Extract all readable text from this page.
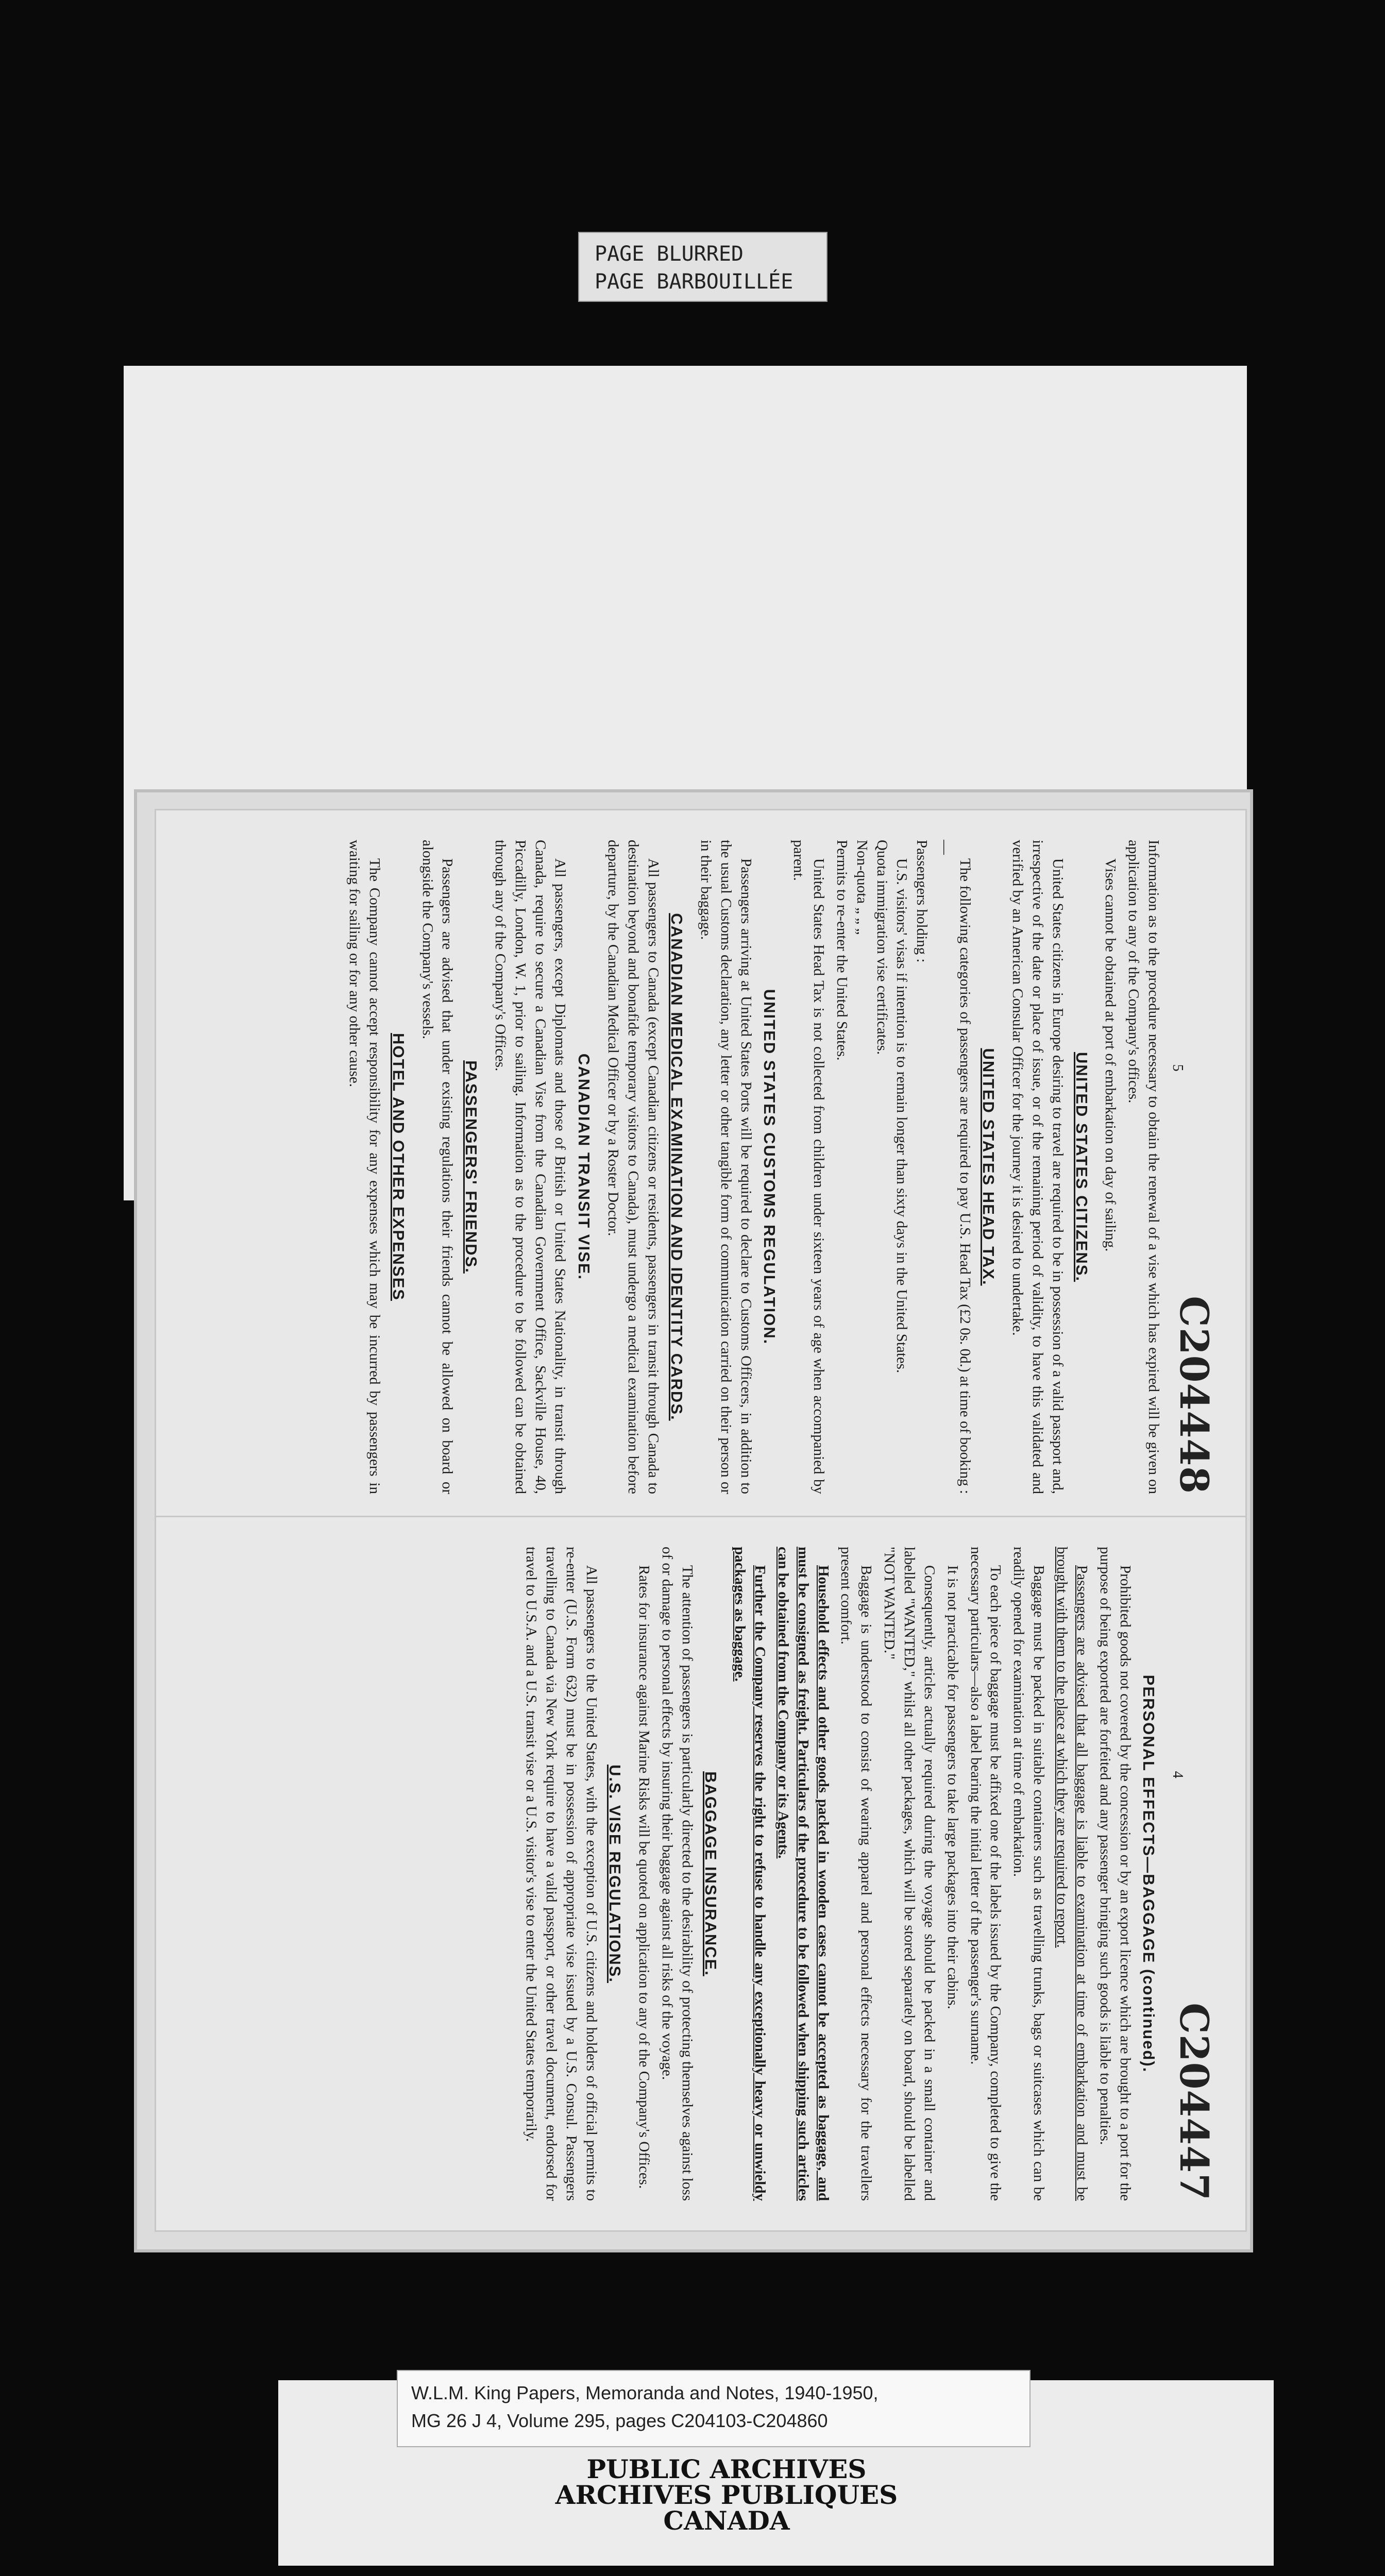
PAGE BLURRED
PAGE BARBOUILLÉE
5
C204448

Information as to the procedure necessary to obtain the renewal of a vise which has expired will be given on application to any of the Company's offices.

Vises cannot be obtained at port of embarkation on day of sailing.

UNITED STATES CITIZENS.

United States citizens in Europe desiring to travel are required to be in possession of a valid passport and, irrespective of the date or place of issue, or of the remaining period of validity, to have this validated and verified by an American Consular Officer for the journey it is desired to undertake.

UNITED STATES HEAD TAX.

The following categories of passengers are required to pay U.S. Head Tax (£2 0s. 0d.) at time of booking :—

Passengers holding :
U.S. visitors' visas if intention is to remain longer than sixty days in the United States.
Quota immigration vise certificates.
Non-quota „ „ „
Permits to re-enter the United States.

United States Head Tax is not collected from children under sixteen years of age when accompanied by parent.

UNITED STATES CUSTOMS REGULATION.

Passengers arriving at United States Ports will be required to declare to Customs Officers, in addition to the usual Customs declaration, any letter or other tangible form of communication carried on their person or in their baggage.

CANADIAN MEDICAL EXAMINATION AND IDENTITY CARDS.

All passengers to Canada (except Canadian citizens or residents, passengers in transit through Canada to destination beyond and bonafide temporary visitors to Canada), must undergo a medical examination before departure, by the Canadian Medical Officer or by a Roster Doctor.

CANADIAN TRANSIT VISE.

All passengers, except Diplomats and those of British or United States Nationality, in transit through Canada, require to secure a Canadian Vise from the Canadian Government Office, Sackville House, 40, Piccadilly, London, W. 1, prior to sailing. Information as to the procedure to be followed can be obtained through any of the Company's Offices.

PASSENGERS' FRIENDS.

Passengers are advised that under existing regulations their friends cannot be allowed on board or alongside the Company's vessels.

HOTEL AND OTHER EXPENSES

The Company cannot accept responsibility for any expenses which may be incurred by passengers in waiting for sailing or for any other cause.

4
C204447
PERSONAL EFFECTS—BAGGAGE (continued).

Prohibited goods not covered by the concession or by an export licence which are brought to a port for the purpose of being exported are forfeited and any passenger bringing such goods is liable to penalties.

Passengers are advised that all baggage is liable to examination at time of embarkation and must be brought with them to the place at which they are required to report.

Baggage must be packed in suitable containers such as travelling trunks, bags or suitcases which can be readily opened for examination at time of embarkation.

To each piece of baggage must be affixed one of the labels issued by the Company, completed to give the necessary particulars—also a label bearing the initial letter of the passenger's surname.

It is not practicable for passengers to take large packages into their cabins.

Consequently, articles actually required during the voyage should be packed in a small container and labelled "WANTED," whilst all other packages, which will be stored separately on board, should be labelled "NOT WANTED."

Baggage is understood to consist of wearing apparel and personal effects necessary for the travellers present comfort.

Household effects and other goods packed in wooden cases cannot be accepted as baggage, and must be consigned as freight. Particulars of the procedure to be followed when shipping such articles can be obtained from the Company or its Agents.

Further the Company reserves the right to refuse to handle any exceptionally heavy or unwieldy packages as baggage.

BAGGAGE INSURANCE.

The attention of passengers is particularly directed to the desirability of protecting themselves against loss of or damage to personal effects by insuring their baggage against all risks of the voyage.

Rates for insurance against Marine Risks will be quoted on application to any of the Company's Offices.

U.S. VISE REGULATIONS.

All passengers to the United States, with the exception of U.S. citizens and holders of official permits to re-enter (U.S. Form 632) must be in possession of appropriate vise issued by a U.S. Consul. Passengers travelling to Canada via New York require to have a valid passport, or other travel document, endorsed for travel to U.S.A. and a U.S. transit vise or a U.S. visitor's vise to enter the United States temporarily.

W.L.M. King Papers, Memoranda and Notes, 1940-1950,
MG 26 J 4, Volume 295, pages C204103-C204860
PUBLIC ARCHIVES
ARCHIVES PUBLIQUES
CANADA
